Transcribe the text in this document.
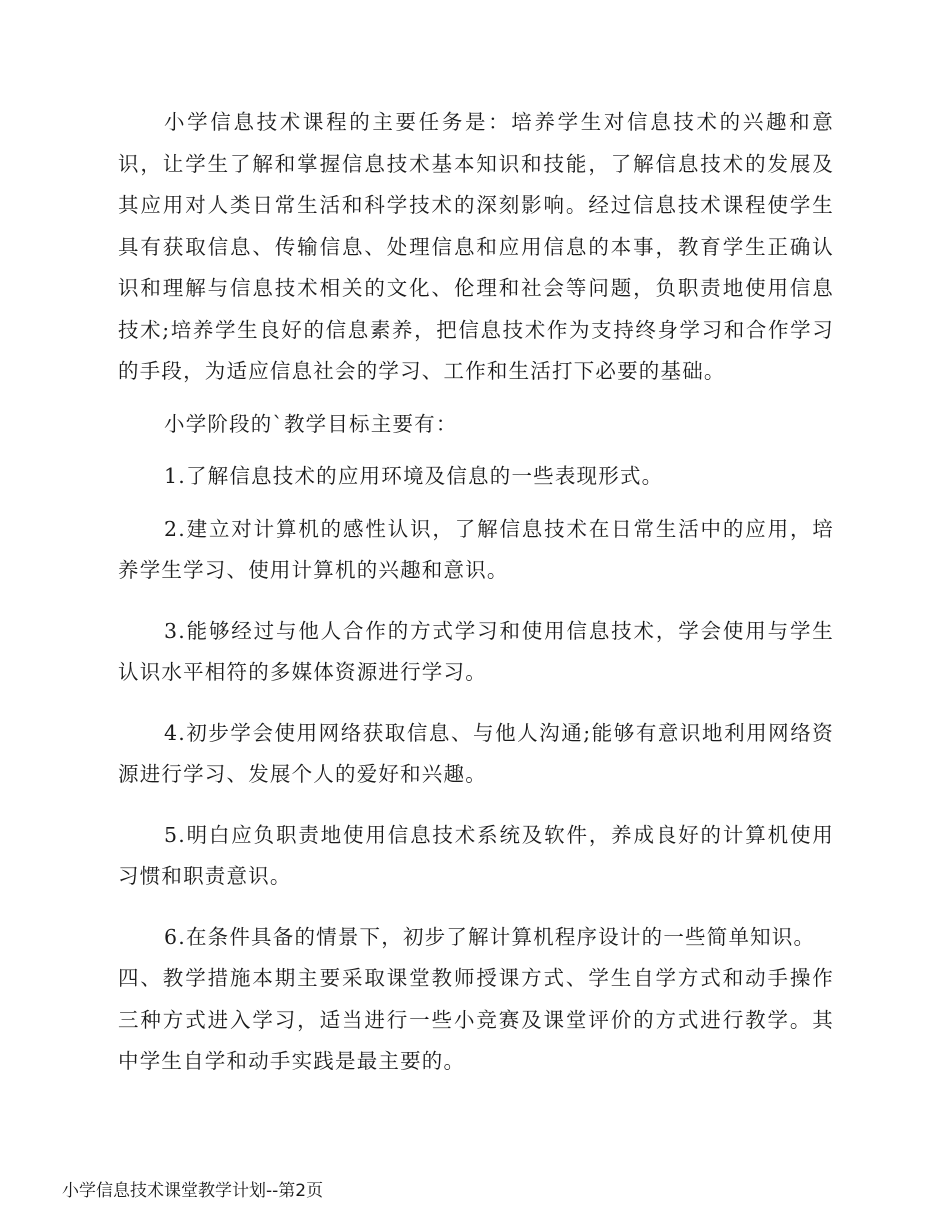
小学信息技术课程的主要任务是：培养学生对信息技术的兴趣和意识，让学生了解和掌握信息技术基本知识和技能，了解信息技术的发展及其应用对人类日常生活和科学技术的深刻影响。经过信息技术课程使学生具有获取信息、传输信息、处理信息和应用信息的本事，教育学生正确认识和理解与信息技术相关的文化、伦理和社会等问题，负职责地使用信息技术;培养学生良好的信息素养，把信息技术作为支持终身学习和合作学习的手段，为适应信息社会的学习、工作和生活打下必要的基础。

小学阶段的`教学目标主要有：

1.了解信息技术的应用环境及信息的一些表现形式。

2.建立对计算机的感性认识，了解信息技术在日常生活中的应用，培养学生学习、使用计算机的兴趣和意识。

3.能够经过与他人合作的方式学习和使用信息技术，学会使用与学生认识水平相符的多媒体资源进行学习。

4.初步学会使用网络获取信息、与他人沟通;能够有意识地利用网络资源进行学习、发展个人的爱好和兴趣。

5.明白应负职责地使用信息技术系统及软件，养成良好的计算机使用习惯和职责意识。

6.在条件具备的情景下，初步了解计算机程序设计的一些简单知识。

四、教学措施本期主要采取课堂教师授课方式、学生自学方式和动手操作三种方式进入学习，适当进行一些小竞赛及课堂评价的方式进行教学。其中学生自学和动手实践是最主要的。

小学信息技术课堂教学计划--第2页
